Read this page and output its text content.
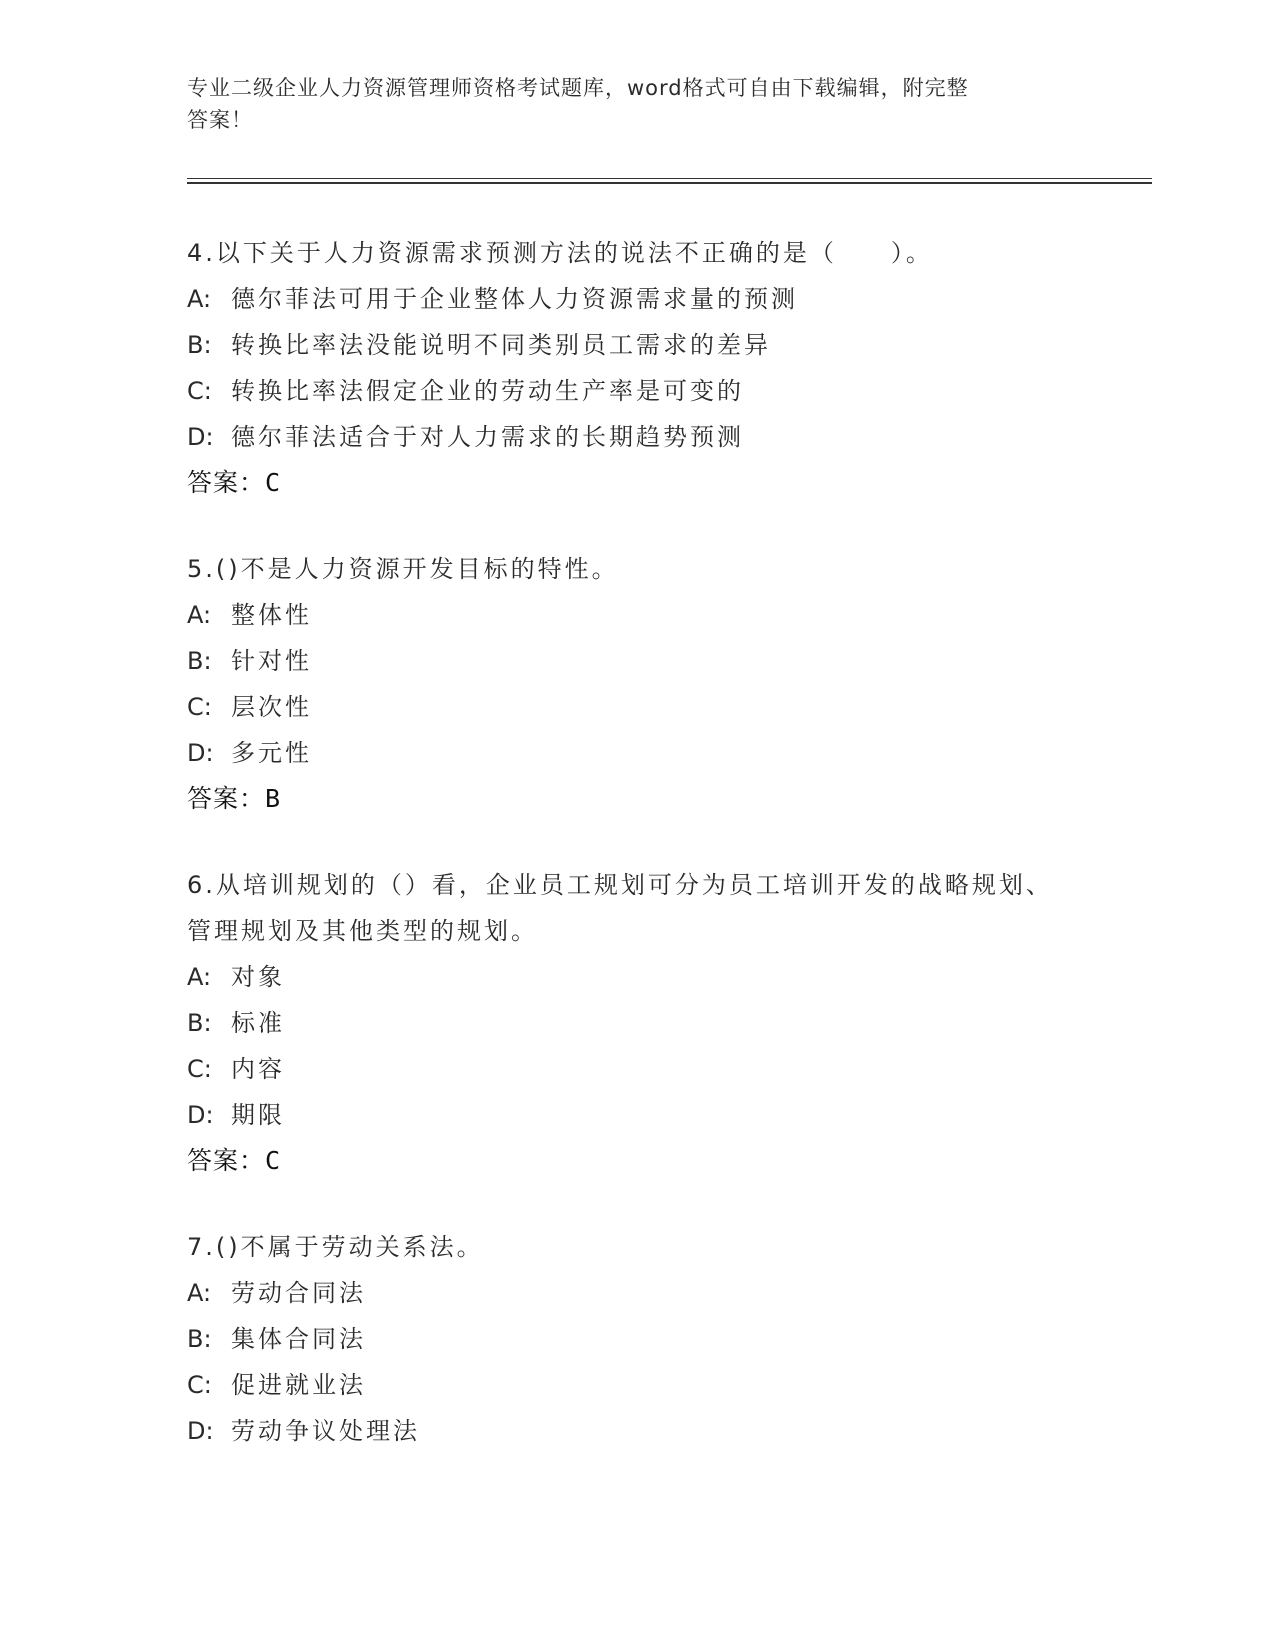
专业二级企业人力资源管理师资格考试题库，word格式可自由下载编辑，附完整
答案！

4.以下关于人力资源需求预测方法的说法不正确的是（　　）。

A: 德尔菲法可用于企业整体人力资源需求量的预测

B: 转换比率法没能说明不同类别员工需求的差异

C: 转换比率法假定企业的劳动生产率是可变的

D: 德尔菲法适合于对人力需求的长期趋势预测

答案：C

5.()不是人力资源开发目标的特性。

A: 整体性

B: 针对性

C: 层次性

D: 多元性

答案：B

6.从培训规划的（）看，企业员工规划可分为员工培训开发的战略规划、管理规划及其他类型的规划。

A: 对象

B: 标准

C: 内容

D: 期限

答案：C

7.()不属于劳动关系法。

A: 劳动合同法

B: 集体合同法

C: 促进就业法

D: 劳动争议处理法
